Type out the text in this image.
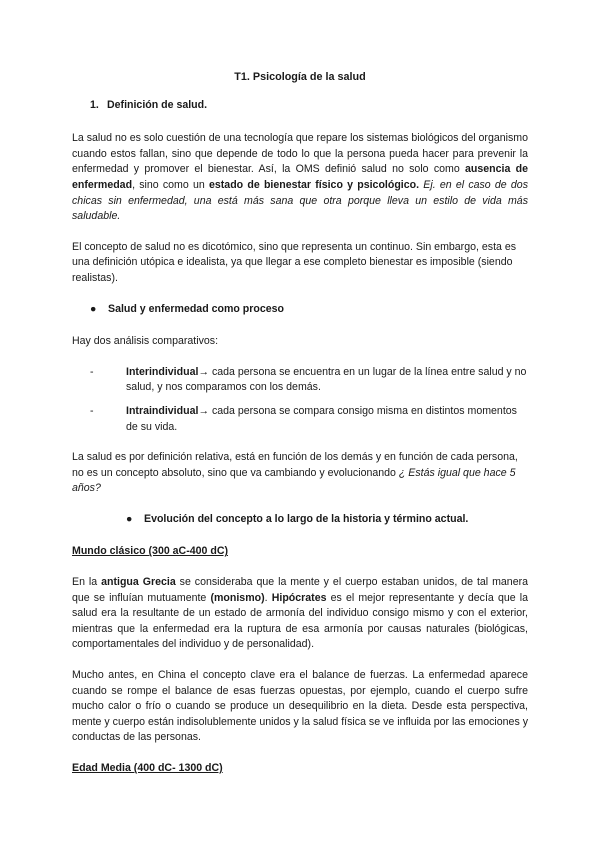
T1. Psicología de la salud
1. Definición de salud.

La salud no es solo cuestión de una tecnología que repare los sistemas biológicos del organismo cuando estos fallan, sino que depende de todo lo que la persona pueda hacer para prevenir la enfermedad y promover el bienestar. Así, la OMS definió salud no solo como ausencia de enfermedad, sino como un estado de bienestar físico y psicológico. Ej. en el caso de dos chicas sin enfermedad, una está más sana que otra porque lleva un estilo de vida más saludable.

El concepto de salud no es dicotómico, sino que representa un continuo. Sin embargo, esta es una definición utópica e idealista, ya que llegar a ese completo bienestar es imposible (siendo realistas).

● Salud y enfermedad como proceso

Hay dos análisis comparativos:

-	Interindividual→ cada persona se encuentra en un lugar de la línea entre salud y no salud, y nos comparamos con los demás.
-	Intraindividual→ cada persona se compara consigo misma en distintos momentos de su vida.

La salud es por definición relativa, está en función de los demás y en función de cada persona, no es un concepto absoluto, sino que va cambiando y evolucionando ¿ Estás igual que hace 5 años?

● Evolución del concepto a lo largo de la historia y término actual.
Mundo clásico (300 aC-400 dC)

En la antigua Grecia se consideraba que la mente y el cuerpo estaban unidos, de tal manera que se influían mutuamente (monismo). Hipócrates es el mejor representante y decía que la salud era la resultante de un estado de armonía del individuo consigo mismo y con el exterior, mientras que la enfermedad era la ruptura de esa armonía por causas naturales (biológicas, comportamentales del individuo y de personalidad).

Mucho antes, en China el concepto clave era el balance de fuerzas. La enfermedad aparece cuando se rompe el balance de esas fuerzas opuestas, por ejemplo, cuando el cuerpo sufre mucho calor o frío o cuando se produce un desequilibrio en la dieta. Desde esta perspectiva, mente y cuerpo están indisolublemente unidos y la salud física se ve influida por las emociones y conductas de las personas.

Edad Media (400 dC- 1300 dC)
